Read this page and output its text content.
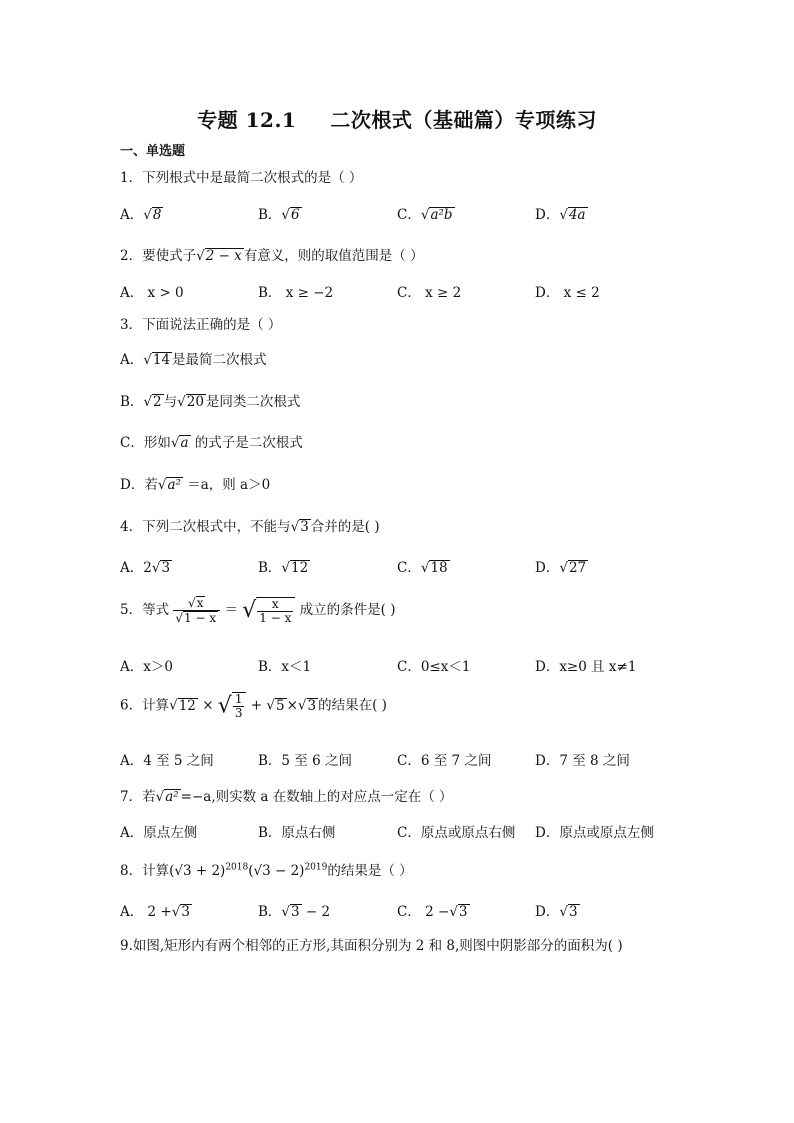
专题 12.1 二次根式（基础篇）专项练习
一、单选题
1．下列根式中是最简二次根式的是（ ）
A．√8	B．√6	C．√a²b	D．√4a
2．要使式子√2 − x 有意义，则的取值范围是（ ）
A． x > 0	B． x ≥ −2	C． x ≥ 2	D． x ≤ 2
3．下面说法正确的是（ ）
A．√14 是最简二次根式
B．√2 与√20 是同类二次根式
C．形如√a 的式子是二次根式
D．若√a² ＝a，则 a＞0
4．下列二次根式中，不能与√3 合并的是( )
A．2√3	B．√12	C．√18	D．√27
5．等式 $\frac{√x}{√1 - x}$ ＝ √ $\frac{x}{1 - x}$ 成立的条件是( )
A．x＞0	B．x＜1	C．0≤x＜1	D．x≥0 且 x≠1
6．计算√12 × √ $\frac{1}{3} + √5 \times√3$ 的结果在( )
A．4 至 5 之间	B．5 至 6 之间	C．6 至 7 之间	D．7 至 8 之间
7．若√a² =−a,则实数 a 在数轴上的对应点一定在（ ）
A．原点左侧	B．原点右侧	C．原点或原点右侧 D．原点或原点左侧
8．计算$(√3 + 2)^{2018}(√3 - 2)^{2019}$的结果是（ ）
A． 2 +√3	B．√3 − 2	C． 2 −√3	D．√3
9.如图,矩形内有两个相邻的正方形,其面积分别为 2 和 8,则图中阴影部分的面积为( )
